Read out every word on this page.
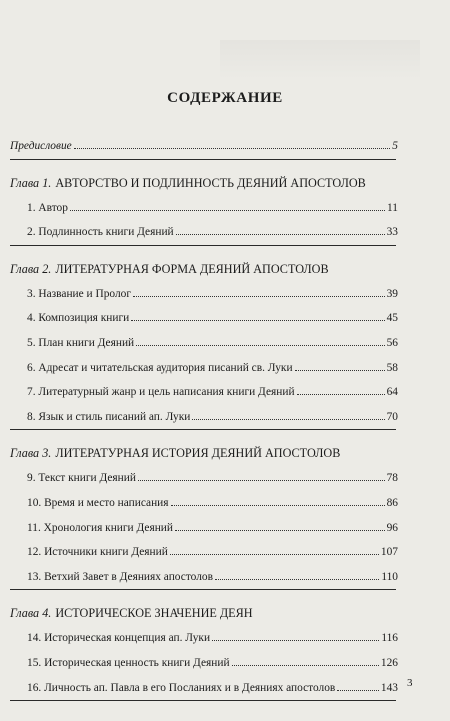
СОДЕРЖАНИЕ
Предисловие	5
Глава 1. АВТОРСТВО И ПОДЛИННОСТЬ ДЕЯНИЙ АПОСТОЛОВ
1. Автор	11
2. Подлинность книги Деяний	33
Глава 2. ЛИТЕРАТУРНАЯ ФОРМА ДЕЯНИЙ АПОСТОЛОВ
3. Название и Пролог	39
4. Композиция книги	45
5. План книги Деяний	56
6. Адресат и читательская аудитория писаний св. Луки	58
7. Литературный жанр и цель написания книги Деяний	64
8. Язык и стиль писаний ап. Луки	70
Глава 3. ЛИТЕРАТУРНАЯ ИСТОРИЯ ДЕЯНИЙ АПОСТОЛОВ
9. Текст книги Деяний	78
10. Время и место написания	86
11. Хронология книги Деяний	96
12. Источники книги Деяний	107
13. Ветхий Завет в Деяниях апостолов	110
Глава 4. ИСТОРИЧЕСКОЕ ЗНАЧЕНИЕ ДЕЯН
14. Историческая концепция ап. Луки	116
15. Историческая ценность книги Деяний	126
16. Личность ап. Павла в его Посланиях и в Деяниях апостолов	143 3
